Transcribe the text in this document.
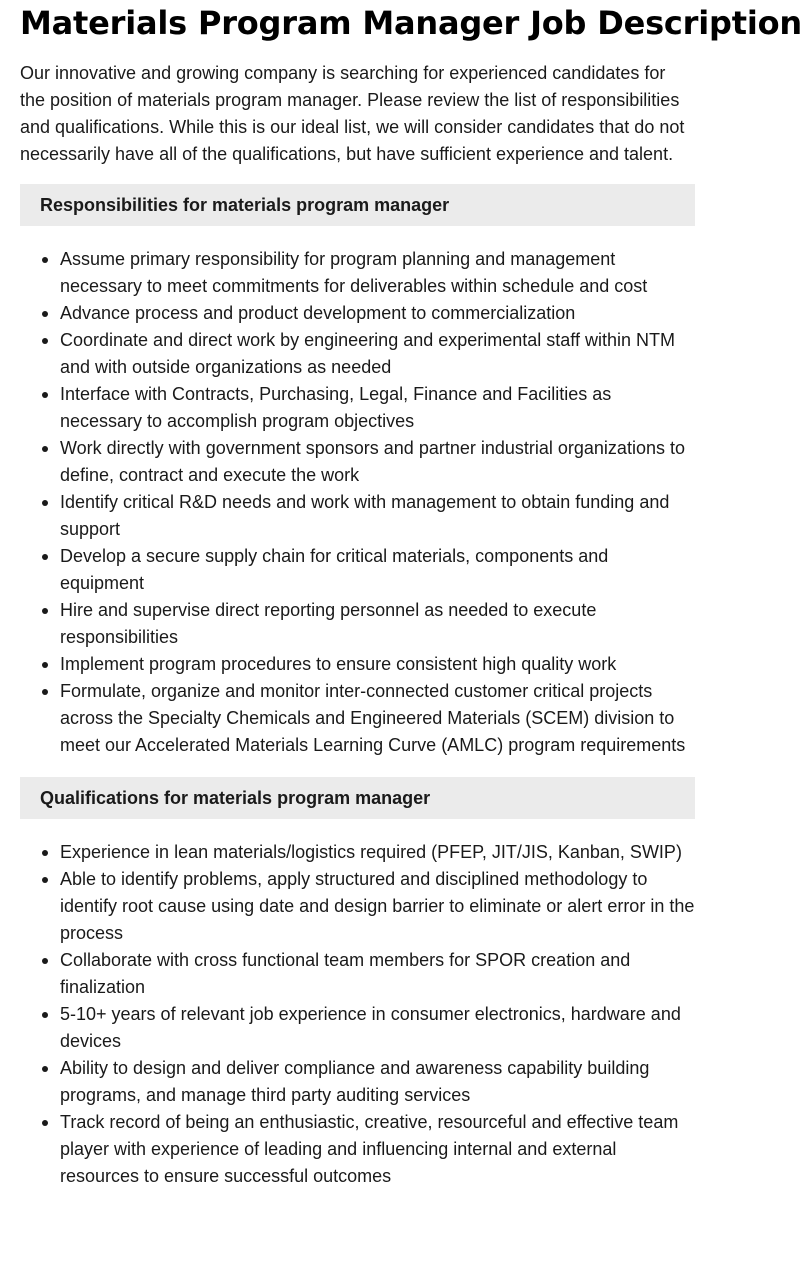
Materials Program Manager Job Description

Our innovative and growing company is searching for experienced candidates for the position of materials program manager. Please review the list of responsibilities and qualifications. While this is our ideal list, we will consider candidates that do not necessarily have all of the qualifications, but have sufficient experience and talent.

Responsibilities for materials program manager
Assume primary responsibility for program planning and management necessary to meet commitments for deliverables within schedule and cost
Advance process and product development to commercialization
Coordinate and direct work by engineering and experimental staff within NTM and with outside organizations as needed
Interface with Contracts, Purchasing, Legal, Finance and Facilities as necessary to accomplish program objectives
Work directly with government sponsors and partner industrial organizations to define, contract and execute the work
Identify critical R&D needs and work with management to obtain funding and support
Develop a secure supply chain for critical materials, components and equipment
Hire and supervise direct reporting personnel as needed to execute responsibilities
Implement program procedures to ensure consistent high quality work
Formulate, organize and monitor inter-connected customer critical projects across the Specialty Chemicals and Engineered Materials (SCEM) division to meet our Accelerated Materials Learning Curve (AMLC) program requirements
Qualifications for materials program manager
Experience in lean materials/logistics required (PFEP, JIT/JIS, Kanban, SWIP)
Able to identify problems, apply structured and disciplined methodology to identify root cause using date and design barrier to eliminate or alert error in the process
Collaborate with cross functional team members for SPOR creation and finalization
5-10+ years of relevant job experience in consumer electronics, hardware and devices
Ability to design and deliver compliance and awareness capability building programs, and manage third party auditing services
Track record of being an enthusiastic, creative, resourceful and effective team player with experience of leading and influencing internal and external resources to ensure successful outcomes
